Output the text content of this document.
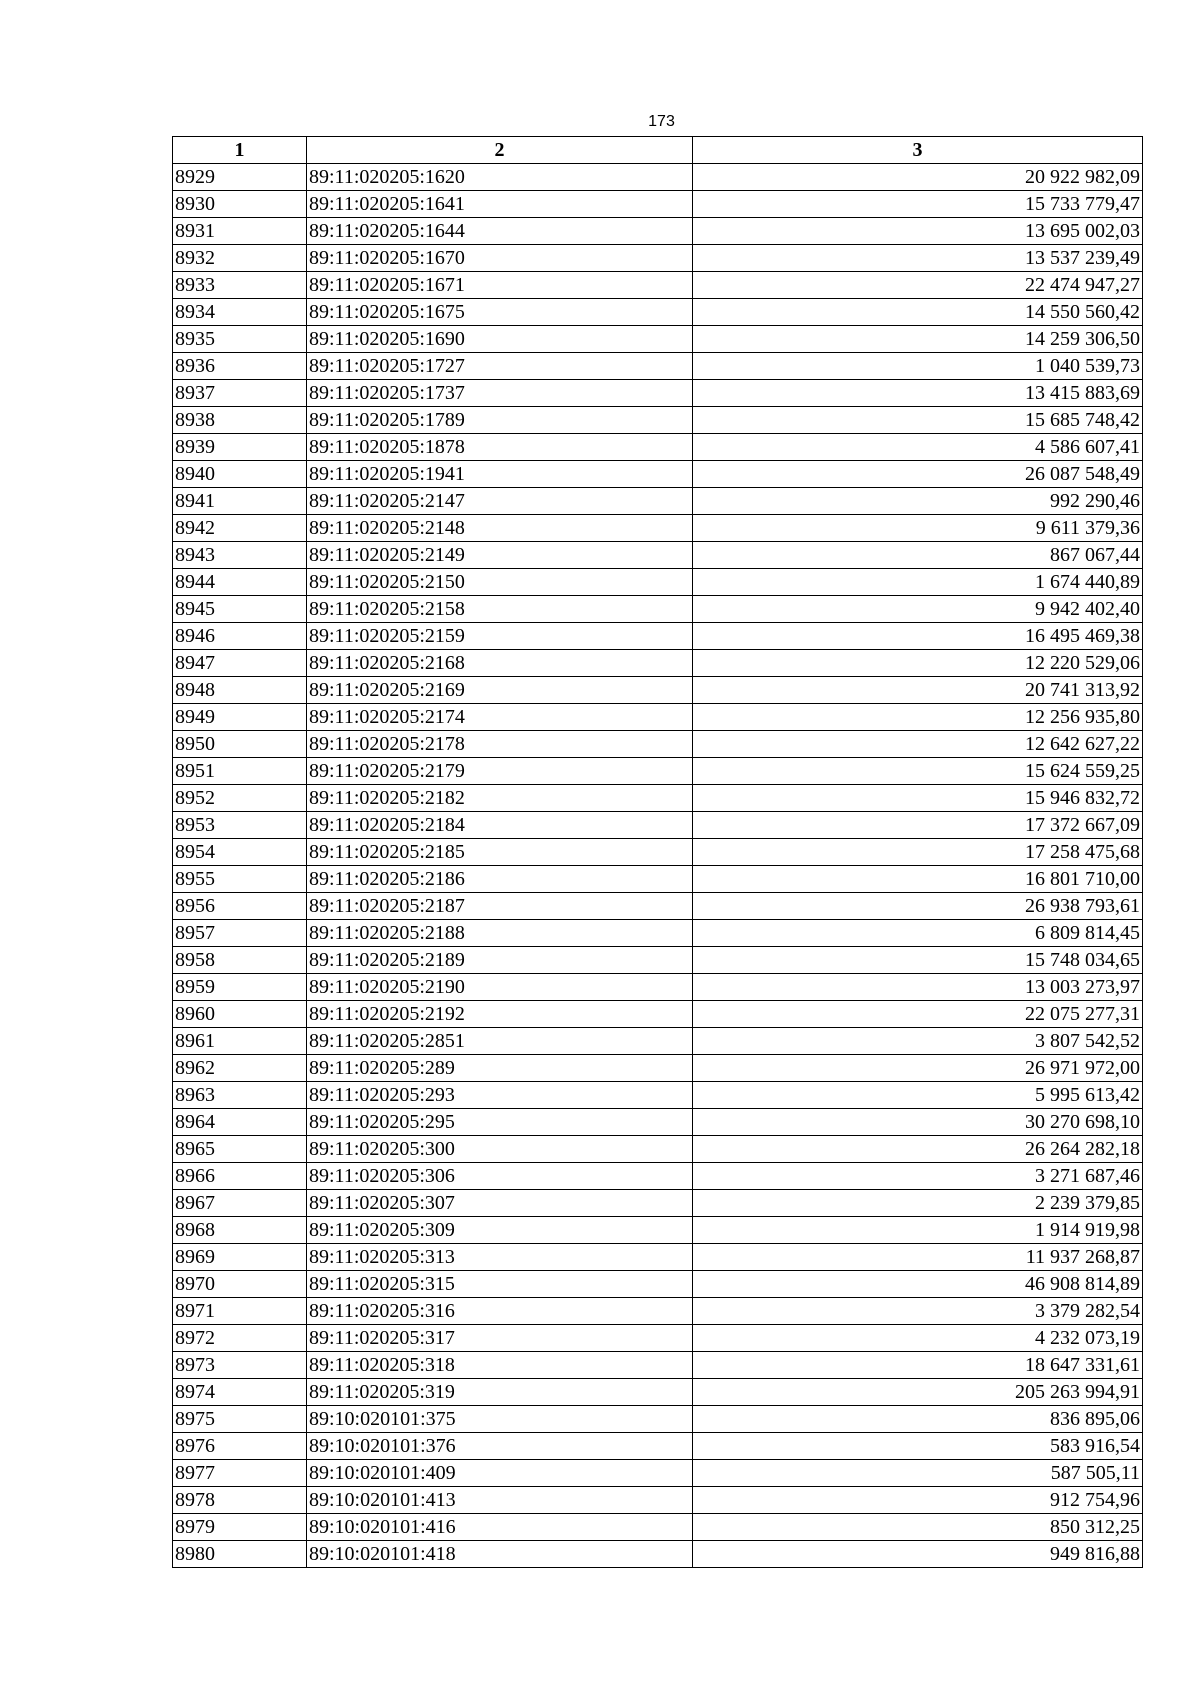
173
1	2	3
8929	89:11:020205:1620	20 922 982,09
8930	89:11:020205:1641	15 733 779,47
8931	89:11:020205:1644	13 695 002,03
8932	89:11:020205:1670	13 537 239,49
8933	89:11:020205:1671	22 474 947,27
8934	89:11:020205:1675	14 550 560,42
8935	89:11:020205:1690	14 259 306,50
8936	89:11:020205:1727	1 040 539,73
8937	89:11:020205:1737	13 415 883,69
8938	89:11:020205:1789	15 685 748,42
8939	89:11:020205:1878	4 586 607,41
8940	89:11:020205:1941	26 087 548,49
8941	89:11:020205:2147	992 290,46
8942	89:11:020205:2148	9 611 379,36
8943	89:11:020205:2149	867 067,44
8944	89:11:020205:2150	1 674 440,89
8945	89:11:020205:2158	9 942 402,40
8946	89:11:020205:2159	16 495 469,38
8947	89:11:020205:2168	12 220 529,06
8948	89:11:020205:2169	20 741 313,92
8949	89:11:020205:2174	12 256 935,80
8950	89:11:020205:2178	12 642 627,22
8951	89:11:020205:2179	15 624 559,25
8952	89:11:020205:2182	15 946 832,72
8953	89:11:020205:2184	17 372 667,09
8954	89:11:020205:2185	17 258 475,68
8955	89:11:020205:2186	16 801 710,00
8956	89:11:020205:2187	26 938 793,61
8957	89:11:020205:2188	6 809 814,45
8958	89:11:020205:2189	15 748 034,65
8959	89:11:020205:2190	13 003 273,97
8960	89:11:020205:2192	22 075 277,31
8961	89:11:020205:2851	3 807 542,52
8962	89:11:020205:289	26 971 972,00
8963	89:11:020205:293	5 995 613,42
8964	89:11:020205:295	30 270 698,10
8965	89:11:020205:300	26 264 282,18
8966	89:11:020205:306	3 271 687,46
8967	89:11:020205:307	2 239 379,85
8968	89:11:020205:309	1 914 919,98
8969	89:11:020205:313	11 937 268,87
8970	89:11:020205:315	46 908 814,89
8971	89:11:020205:316	3 379 282,54
8972	89:11:020205:317	4 232 073,19
8973	89:11:020205:318	18 647 331,61
8974	89:11:020205:319	205 263 994,91
8975	89:10:020101:375	836 895,06
8976	89:10:020101:376	583 916,54
8977	89:10:020101:409	587 505,11
8978	89:10:020101:413	912 754,96
8979	89:10:020101:416	850 312,25
8980	89:10:020101:418	949 816,88
